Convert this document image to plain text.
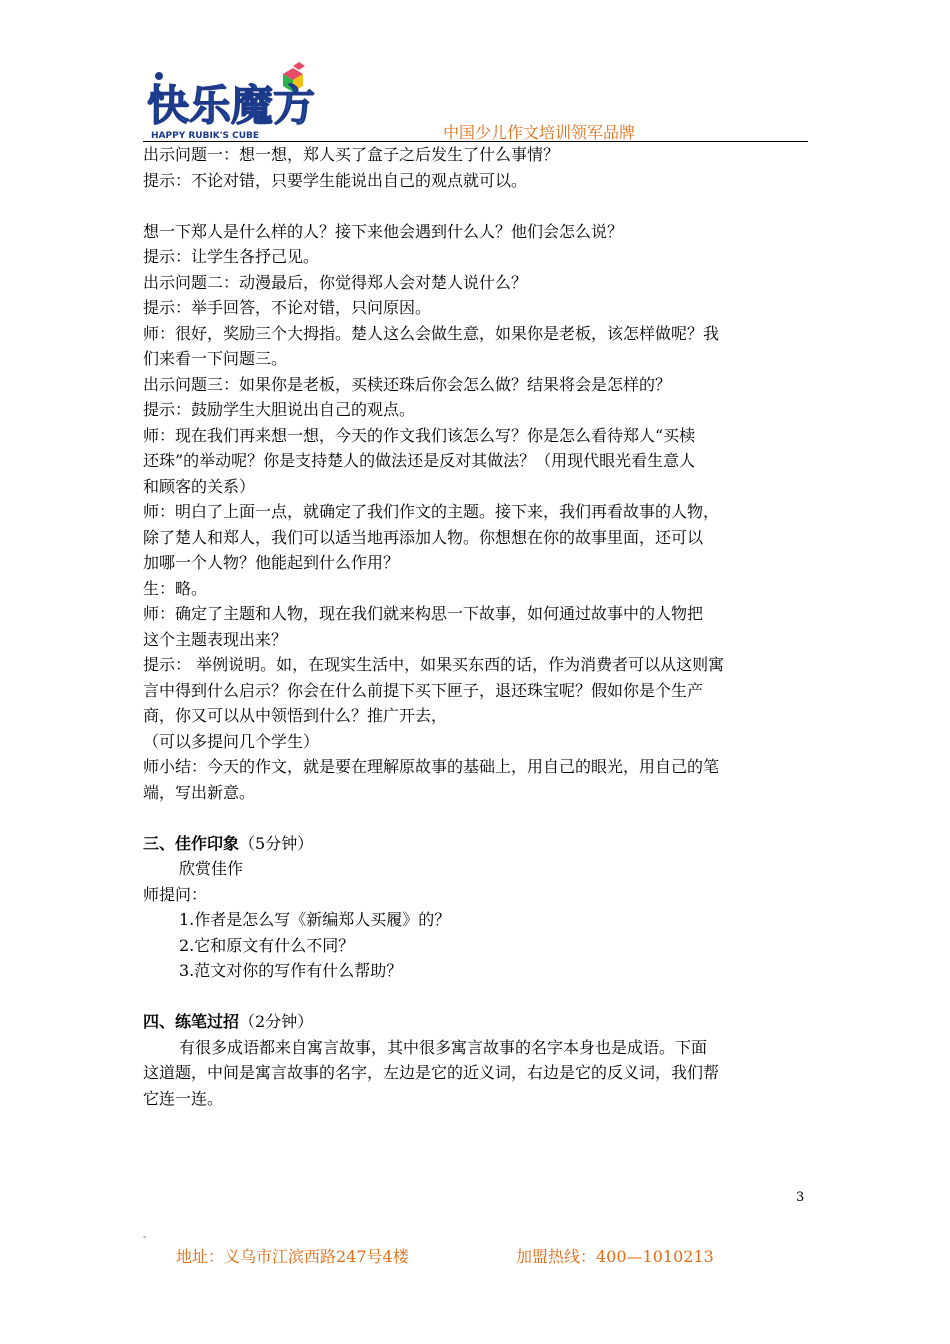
快乐魔方
HAPPY RUBIK'S CUBE	中国少儿作文培训领军品牌
出示问题一：想一想，郑人买了盒子之后发生了什么事情？
提示：不论对错，只要学生能说出自己的观点就可以。
想一下郑人是什么样的人？接下来他会遇到什么人？他们会怎么说？
提示：让学生各抒己见。
出示问题二：动漫最后，你觉得郑人会对楚人说什么？
提示：举手回答，不论对错，只问原因。
师：很好，奖励三个大拇指。楚人这么会做生意，如果你是老板，该怎样做呢？我
们来看一下问题三。
出示问题三：如果你是老板，买椟还珠后你会怎么做？结果将会是怎样的？
提示：鼓励学生大胆说出自己的观点。
师：现在我们再来想一想，今天的作文我们该怎么写？你是怎么看待郑人“买椟
还珠”的举动呢？你是支持楚人的做法还是反对其做法？（用现代眼光看生意人
和顾客的关系）
师：明白了上面一点，就确定了我们作文的主题。接下来，我们再看故事的人物，
除了楚人和郑人，我们可以适当地再添加人物。你想想在你的故事里面，还可以
加哪一个人物？他能起到什么作用？
生：略。
师：确定了主题和人物，现在我们就来构思一下故事，如何通过故事中的人物把
这个主题表现出来？
提示： 举例说明。如，在现实生活中，如果买东西的话，作为消费者可以从这则寓
言中得到什么启示？你会在什么前提下买下匣子，退还珠宝呢？假如你是个生产
商，你又可以从中领悟到什么？推广开去，
（可以多提问几个学生）
师小结：今天的作文，就是要在理解原故事的基础上，用自己的眼光，用自己的笔
端，写出新意。
三、佳作印象（5分钟）
欣赏佳作
师提问：
1.作者是怎么写《新编郑人买履》的？
2.它和原文有什么不同？
3.范文对你的写作有什么帮助？
四、练笔过招（2分钟）
有很多成语都来自寓言故事，其中很多寓言故事的名字本身也是成语。下面
这道题，中间是寓言故事的名字，左边是它的近义词，右边是它的反义词，我们帮
它连一连。
3
-
地址：义乌市江滨西路247号4楼	加盟热线：400—1010213
